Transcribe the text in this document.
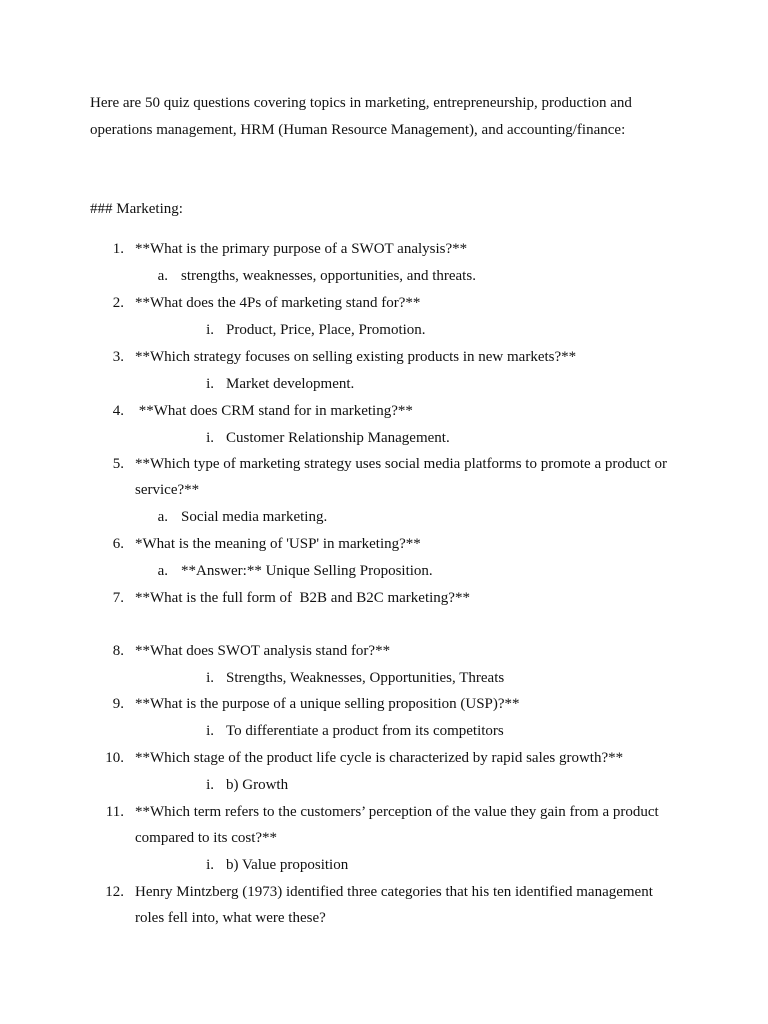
Here are 50 quiz questions covering topics in marketing, entrepreneurship, production and
operations management, HRM (Human Resource Management), and accounting/finance:
### Marketing:
1. **What is the primary purpose of a SWOT analysis?**
a. strengths, weaknesses, opportunities, and threats.
2. **What does the 4Ps of marketing stand for?**
i. Product, Price, Place, Promotion.
3. **Which strategy focuses on selling existing products in new markets?**
i. Market development.
4. **What does CRM stand for in marketing?**
i. Customer Relationship Management.
5. **Which type of marketing strategy uses social media platforms to promote a product or
service?**
a. Social media marketing.
6. *What is the meaning of 'USP' in marketing?**
a. **Answer:** Unique Selling Proposition.
7. **What is the full form of  B2B and B2C marketing?**
8. **What does SWOT analysis stand for?**
i. Strengths, Weaknesses, Opportunities, Threats
9. **What is the purpose of a unique selling proposition (USP)?**
i. To differentiate a product from its competitors
10. **Which stage of the product life cycle is characterized by rapid sales growth?**
i. b) Growth
11. **Which term refers to the customers’ perception of the value they gain from a product
compared to its cost?**
i. b) Value proposition
12. Henry Mintzberg (1973) identified three categories that his ten identified management
roles fell into, what were these?
